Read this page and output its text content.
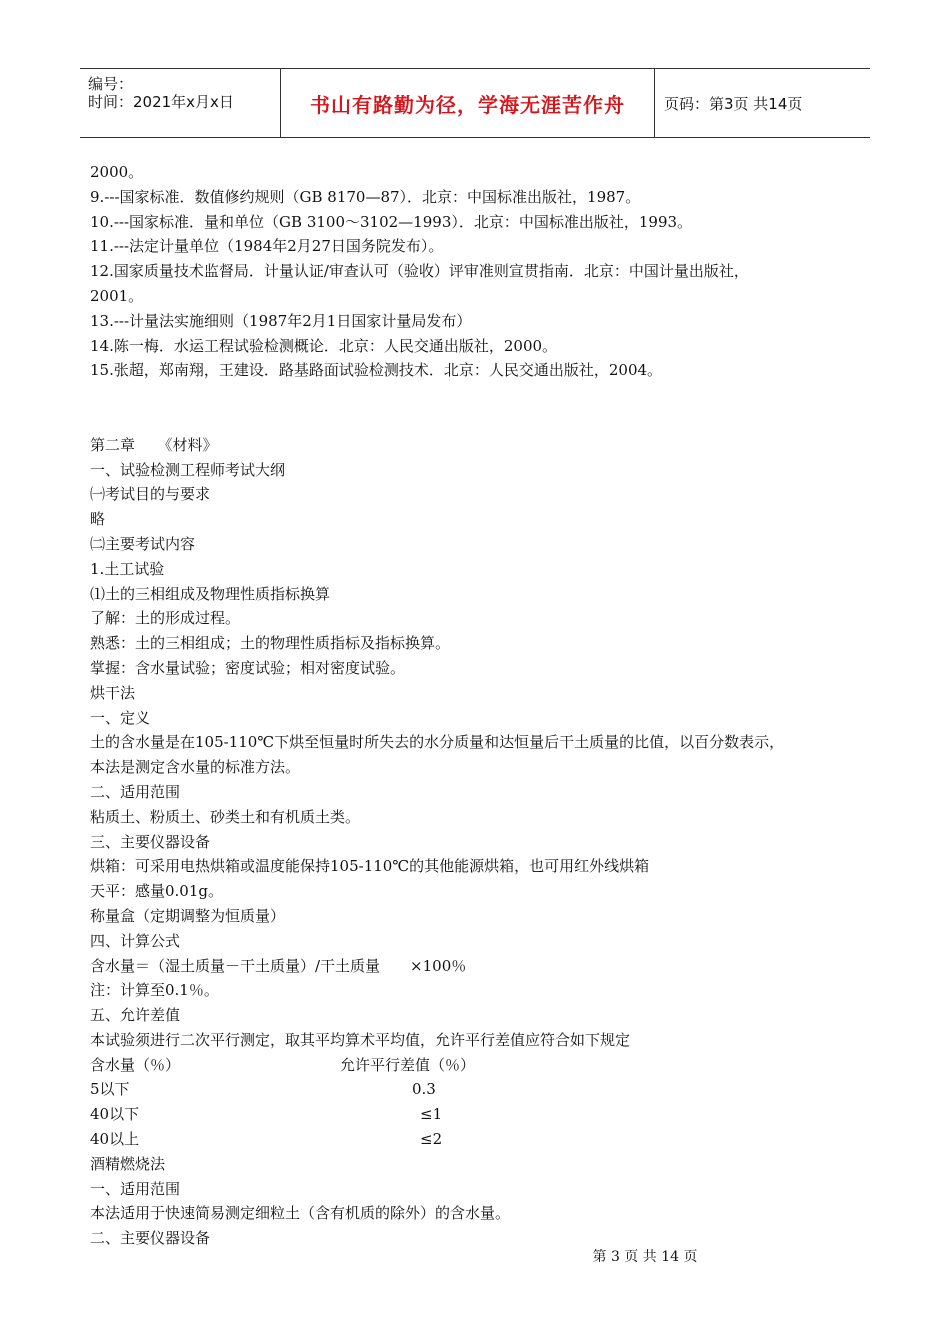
编号：
时间：2021年x月x日	书山有路勤为径，学海无涯苦作舟	页码：第3页 共14页
2000。
9.---国家标准．数值修约规则（GB 8170—87）．北京：中国标准出版社，1987。
10.---国家标准．量和单位（GB 3100～3102—1993）．北京：中国标准出版社，1993。
11.---法定计量单位（1984年2月27日国务院发布）。
12.国家质量技术监督局．计量认证/审查认可（验收）评审准则宣贯指南．北京：中国计量出版社，
2001。
13.---计量法实施细则（1987年2月1日国家计量局发布）
14.陈一梅．水运工程试验检测概论．北京：人民交通出版社，2000。
15.张超，郑南翔，王建设．路基路面试验检测技术．北京：人民交通出版社，2004。
第二章　　《材料》
一、试验检测工程师考试大纲
㈠考试目的与要求
略
㈡主要考试内容
1.土工试验
⑴土的三相组成及物理性质指标换算
了解：土的形成过程。
熟悉：土的三相组成；土的物理性质指标及指标换算。
掌握：含水量试验；密度试验；相对密度试验。
烘干法
一、定义
土的含水量是在105-110℃下烘至恒量时所失去的水分质量和达恒量后干土质量的比值，以百分数表示，
本法是测定含水量的标准方法。
二、适用范围
粘质土、粉质土、砂类土和有机质土类。
三、主要仪器设备
烘箱：可采用电热烘箱或温度能保持105-110℃的其他能源烘箱，也可用红外线烘箱
天平：感量0.01g。
称量盒（定期调整为恒质量）
四、计算公式
含水量＝（湿土质量－干土质量）/干土质量　　×100％
注：计算至0.1％。
五、允许差值
本试验须进行二次平行测定，取其平均算术平均值，允许平行差值应符合如下规定
含水量（％）	允许平行差值（％）
5以下	0.3
40以下	≤1
40以上	≤2
酒精燃烧法
一、适用范围
本法适用于快速简易测定细粒土（含有机质的除外）的含水量。
二、主要仪器设备
第 3 页 共 14 页
